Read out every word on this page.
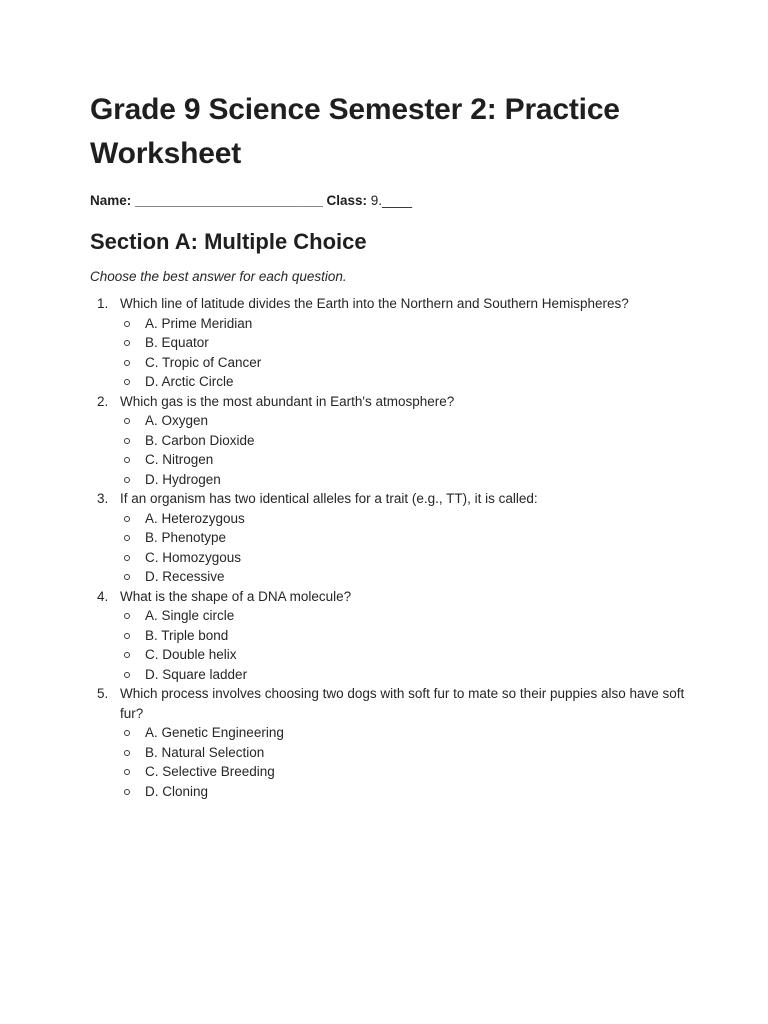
Grade 9 Science Semester 2: Practice Worksheet
Name: _________________________ Class: 9.____
Section A: Multiple Choice
Choose the best answer for each question.
1. Which line of latitude divides the Earth into the Northern and Southern Hemispheres?
A. Prime Meridian
B. Equator
C. Tropic of Cancer
D. Arctic Circle
2. Which gas is the most abundant in Earth's atmosphere?
A. Oxygen
B. Carbon Dioxide
C. Nitrogen
D. Hydrogen
3. If an organism has two identical alleles for a trait (e.g., TT), it is called:
A. Heterozygous
B. Phenotype
C. Homozygous
D. Recessive
4. What is the shape of a DNA molecule?
A. Single circle
B. Triple bond
C. Double helix
D. Square ladder
5. Which process involves choosing two dogs with soft fur to mate so their puppies also have soft fur?
A. Genetic Engineering
B. Natural Selection
C. Selective Breeding
D. Cloning
